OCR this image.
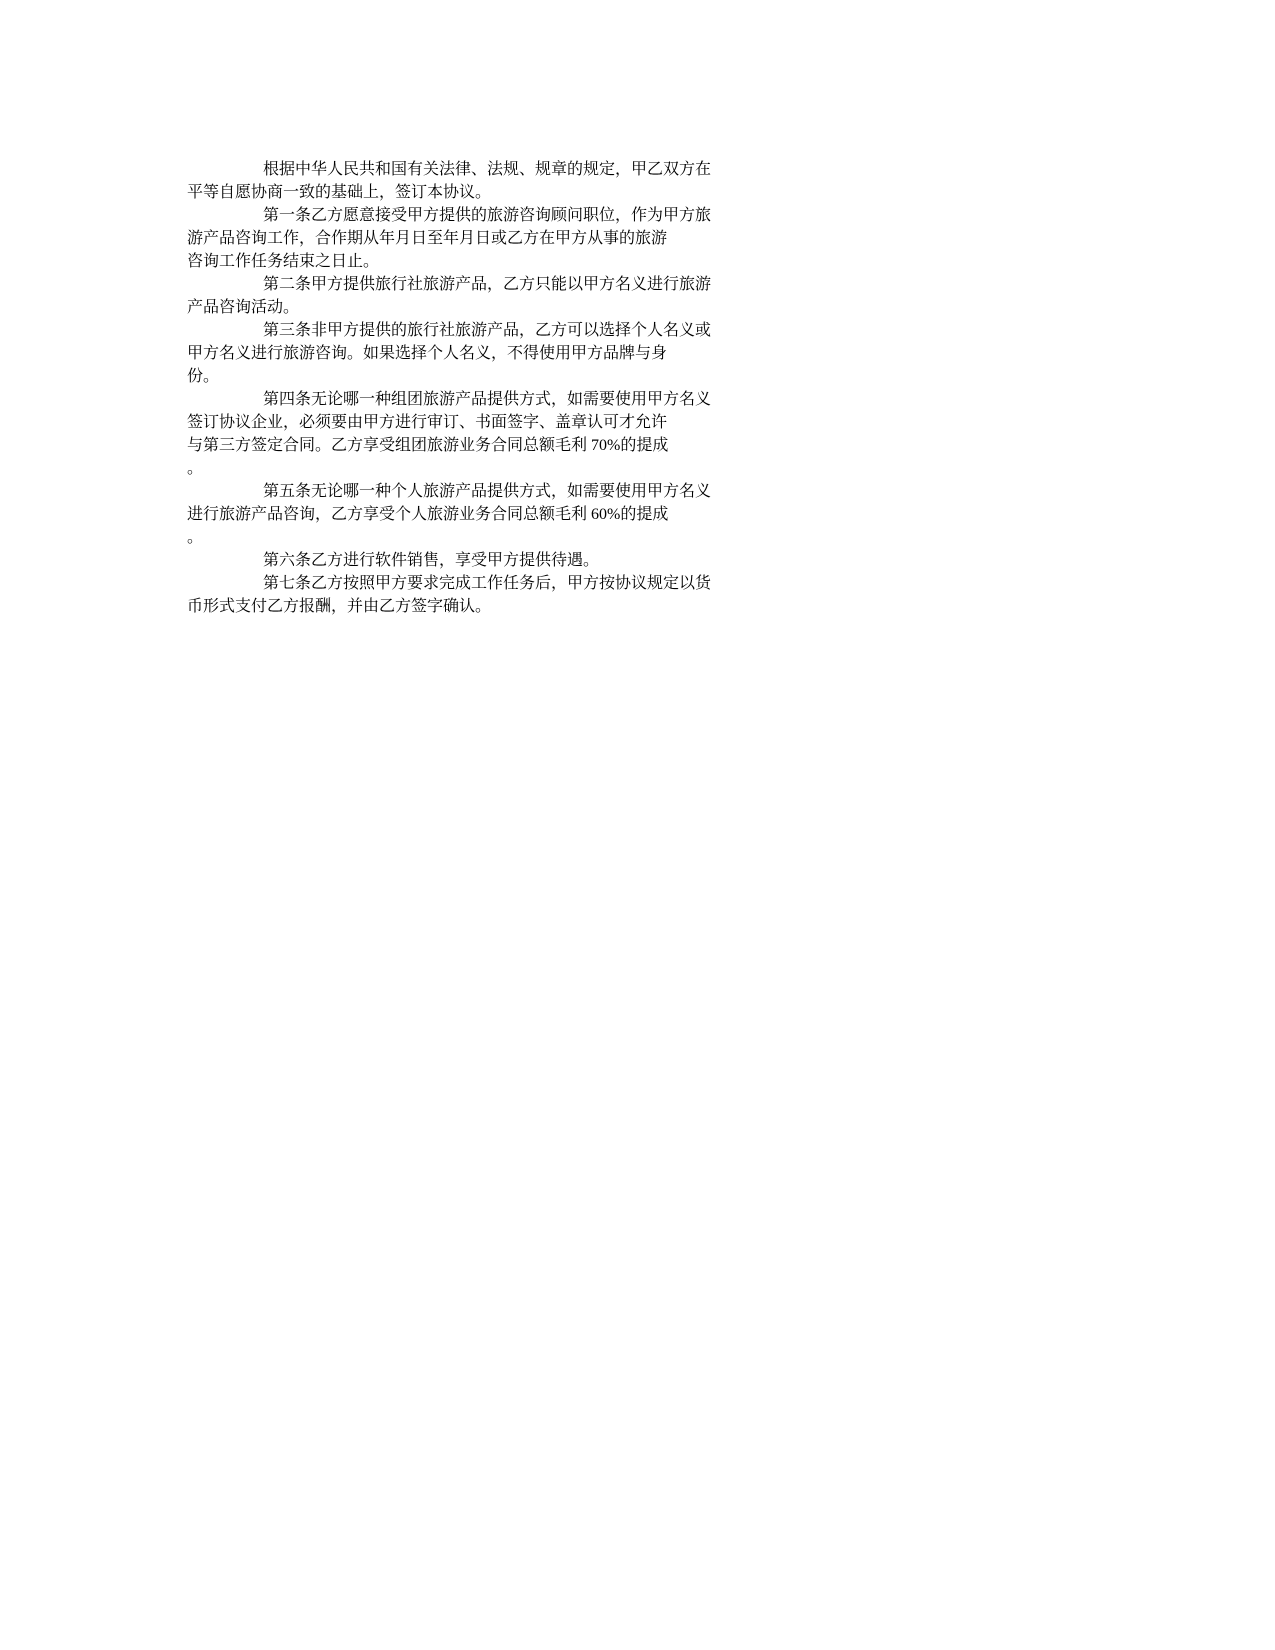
根据中华人民共和国有关法律、法规、规章的规定，甲乙双方在
平等自愿协商一致的基础上，签订本协议。
第一条乙方愿意接受甲方提供的旅游咨询顾问职位，作为甲方旅
游产品咨询工作，合作期从年月日至年月日或乙方在甲方从事的旅游
咨询工作任务结束之日止。
第二条甲方提供旅行社旅游产品，乙方只能以甲方名义进行旅游
产品咨询活动。
第三条非甲方提供的旅行社旅游产品，乙方可以选择个人名义或
甲方名义进行旅游咨询。如果选择个人名义，不得使用甲方品牌与身
份。
第四条无论哪一种组团旅游产品提供方式，如需要使用甲方名义
签订协议企业，必须要由甲方进行审订、书面签字、盖章认可才允许
与第三方签定合同。乙方享受组团旅游业务合同总额毛利 70%的提成
。
第五条无论哪一种个人旅游产品提供方式，如需要使用甲方名义
进行旅游产品咨询，乙方享受个人旅游业务合同总额毛利 60%的提成
。
第六条乙方进行软件销售，享受甲方提供待遇。
第七条乙方按照甲方要求完成工作任务后，甲方按协议规定以货
币形式支付乙方报酬，并由乙方签字确认。
